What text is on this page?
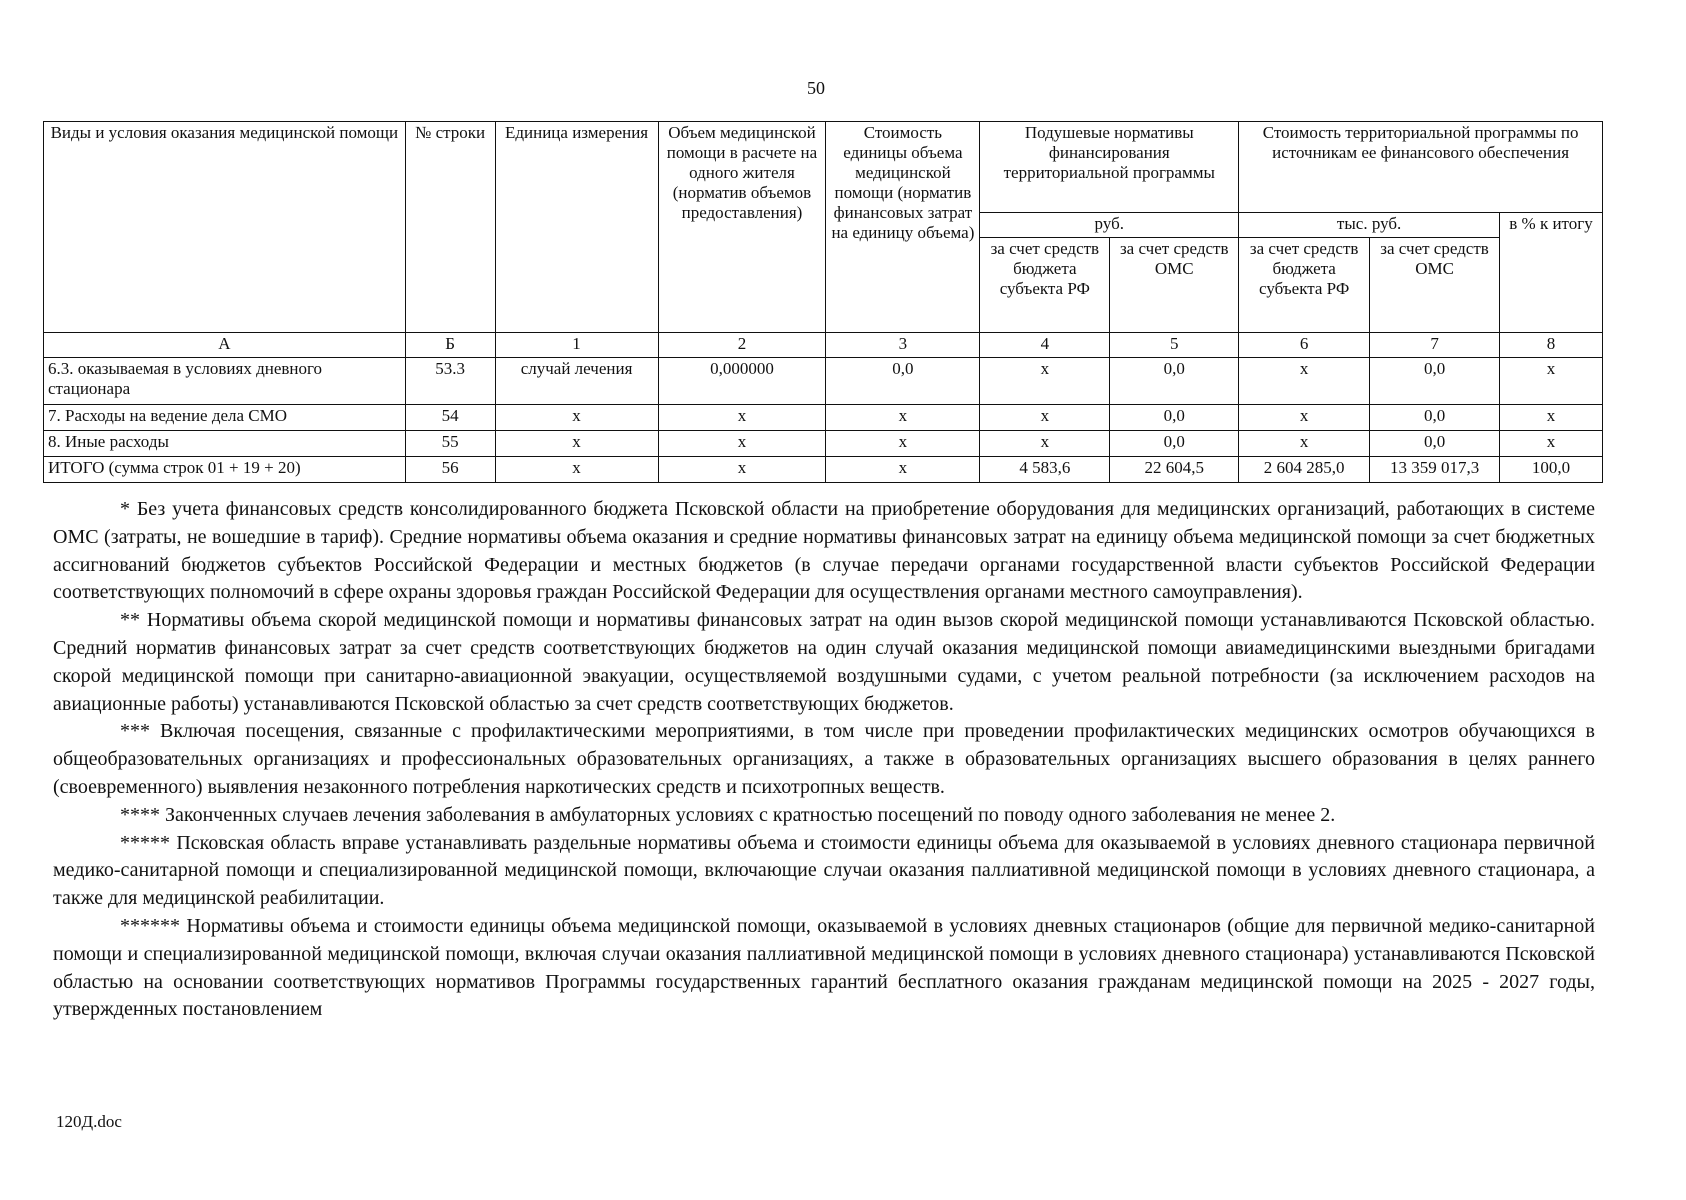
50
Виды и условия оказания медицинской помощи	№ строки	Единица измерения	Объем медицинской помощи в расчете на одного жителя (норматив объемов предоставления)	Стоимость единицы объема медицинской помощи (норматив финансовых затрат на единицу объема)	Подушевые нормативы финансирования территориальной программы		Стоимость территориальной программы по источникам ее финансового обеспечения		
					руб.		тыс. руб.		в % к итогу
					за счет средств бюджета субъекта РФ	за счет средств ОМС	за счет средств бюджета субъекта РФ	за счет средств ОМС	
А	Б	1	2	3	4	5	6	7	8
6.3. оказываемая в условиях дневного стационара	53.3	случай лечения	0,000000	0,0	х	0,0	х	0,0	х
7. Расходы на ведение дела СМО	54	х	х	х	х	0,0	х	0,0	х
8. Иные расходы	55	х	х	х	х	0,0	х	0,0	х
ИТОГО (сумма строк 01 + 19 + 20)	56	х	х	х	4 583,6	22 604,5	2 604 285,0	13 359 017,3	100,0

* Без учета финансовых средств консолидированного бюджета Псковской области на приобретение оборудования для медицинских организаций, работающих в системе ОМС (затраты, не вошедшие в тариф). Средние нормативы объема оказания и средние нормативы финансовых затрат на единицу объема медицинской помощи за счет бюджетных ассигнований бюджетов субъектов Российской Федерации и местных бюджетов (в случае передачи органами государственной власти субъектов Российской Федерации соответствующих полномочий в сфере охраны здоровья граждан Российской Федерации для осуществления органами местного самоуправления).

** Нормативы объема скорой медицинской помощи и нормативы финансовых затрат на один вызов скорой медицинской помощи устанавливаются Псковской областью. Средний норматив финансовых затрат за счет средств соответствующих бюджетов на один случай оказания медицинской помощи авиамедицинскими выездными бригадами скорой медицинской помощи при санитарно-авиационной эвакуации, осуществляемой воздушными судами, с учетом реальной потребности (за исключением расходов на авиационные работы) устанавливаются Псковской областью за счет средств соответствующих бюджетов.

*** Включая посещения, связанные с профилактическими мероприятиями, в том числе при проведении профилактических медицинских осмотров обучающихся в общеобразовательных организациях и профессиональных образовательных организациях, а также в образовательных организациях высшего образования в целях раннего (своевременного) выявления незаконного потребления наркотических средств и психотропных веществ.

**** Законченных случаев лечения заболевания в амбулаторных условиях с кратностью посещений по поводу одного заболевания не менее 2.

***** Псковская область вправе устанавливать раздельные нормативы объема и стоимости единицы объема для оказываемой в условиях дневного стационара первичной медико-санитарной помощи и специализированной медицинской помощи, включающие случаи оказания паллиативной медицинской помощи в условиях дневного стационара, а также для медицинской реабилитации.

****** Нормативы объема и стоимости единицы объема медицинской помощи, оказываемой в условиях дневных стационаров (общие для первичной медико-санитарной помощи и специализированной медицинской помощи, включая случаи оказания паллиативной медицинской помощи в условиях дневного стационара) устанавливаются Псковской областью на основании соответствующих нормативов Программы государственных гарантий бесплатного оказания гражданам медицинской помощи на 2025 - 2027 годы, утвержденных постановлением

120Д.doc
